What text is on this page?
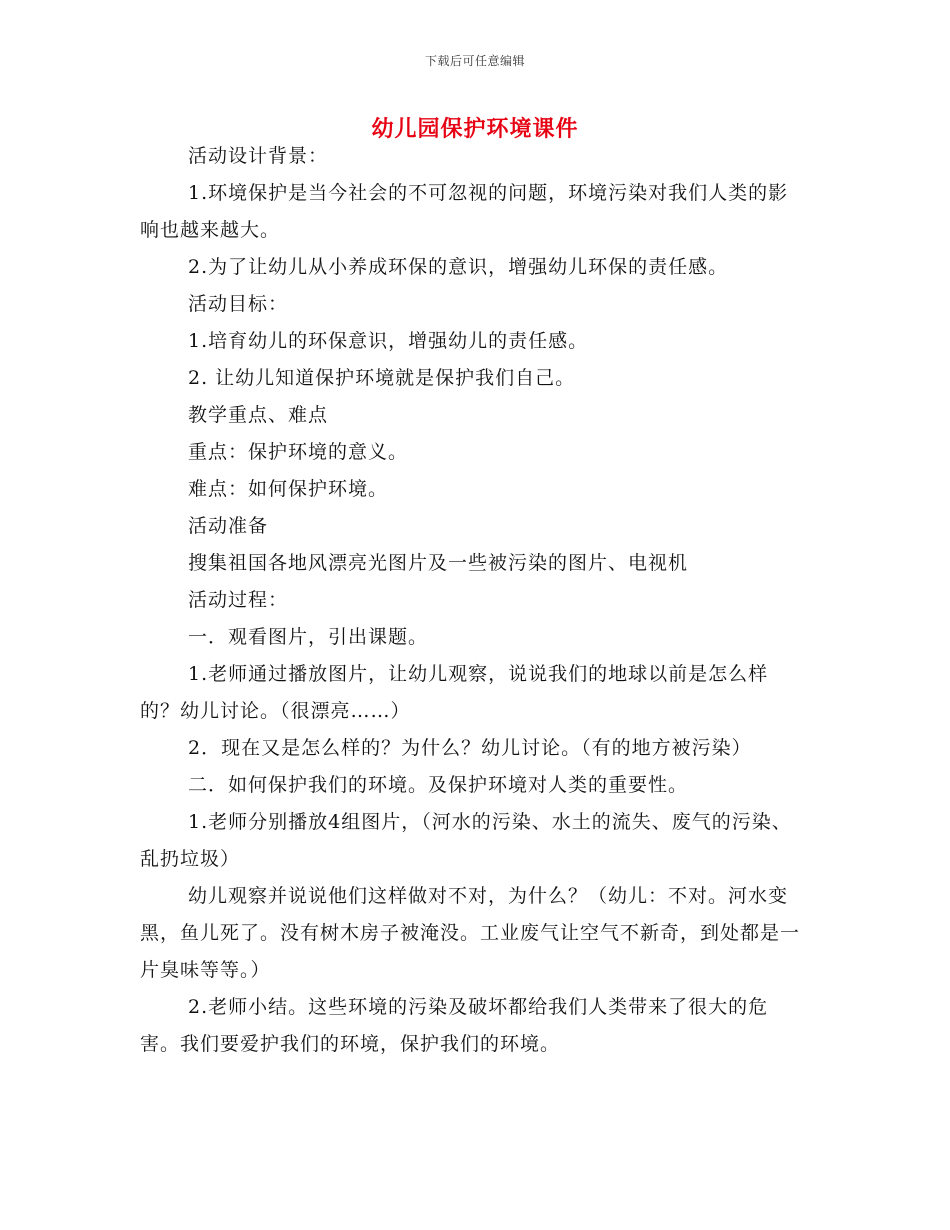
下载后可任意编辑
幼儿园保护环境课件

活动设计背景：

1.环境保护是当今社会的不可忽视的问题，环境污染对我们人类的影响也越来越大。

2.为了让幼儿从小养成环保的意识，增强幼儿环保的责任感。

活动目标：

1.培育幼儿的环保意识，增强幼儿的责任感。

2. 让幼儿知道保护环境就是保护我们自己。

教学重点、难点

重点：保护环境的意义。

难点：如何保护环境。

活动准备

搜集祖国各地风漂亮光图片及一些被污染的图片、电视机

活动过程：

一．观看图片，引出课题。

1.老师通过播放图片，让幼儿观察，说说我们的地球以前是怎么样的？幼儿讨论。（很漂亮……）

2．现在又是怎么样的？为什么？幼儿讨论。（有的地方被污染）

二．如何保护我们的环境。及保护环境对人类的重要性。

1.老师分别播放4组图片，（河水的污染、水土的流失、废气的污染、乱扔垃圾）

幼儿观察并说说他们这样做对不对，为什么？（幼儿：不对。河水变黑，鱼儿死了。没有树木房子被淹没。工业废气让空气不新奇，到处都是一片臭味等等。）

2.老师小结。这些环境的污染及破坏都给我们人类带来了很大的危害。我们要爱护我们的环境，保护我们的环境。
